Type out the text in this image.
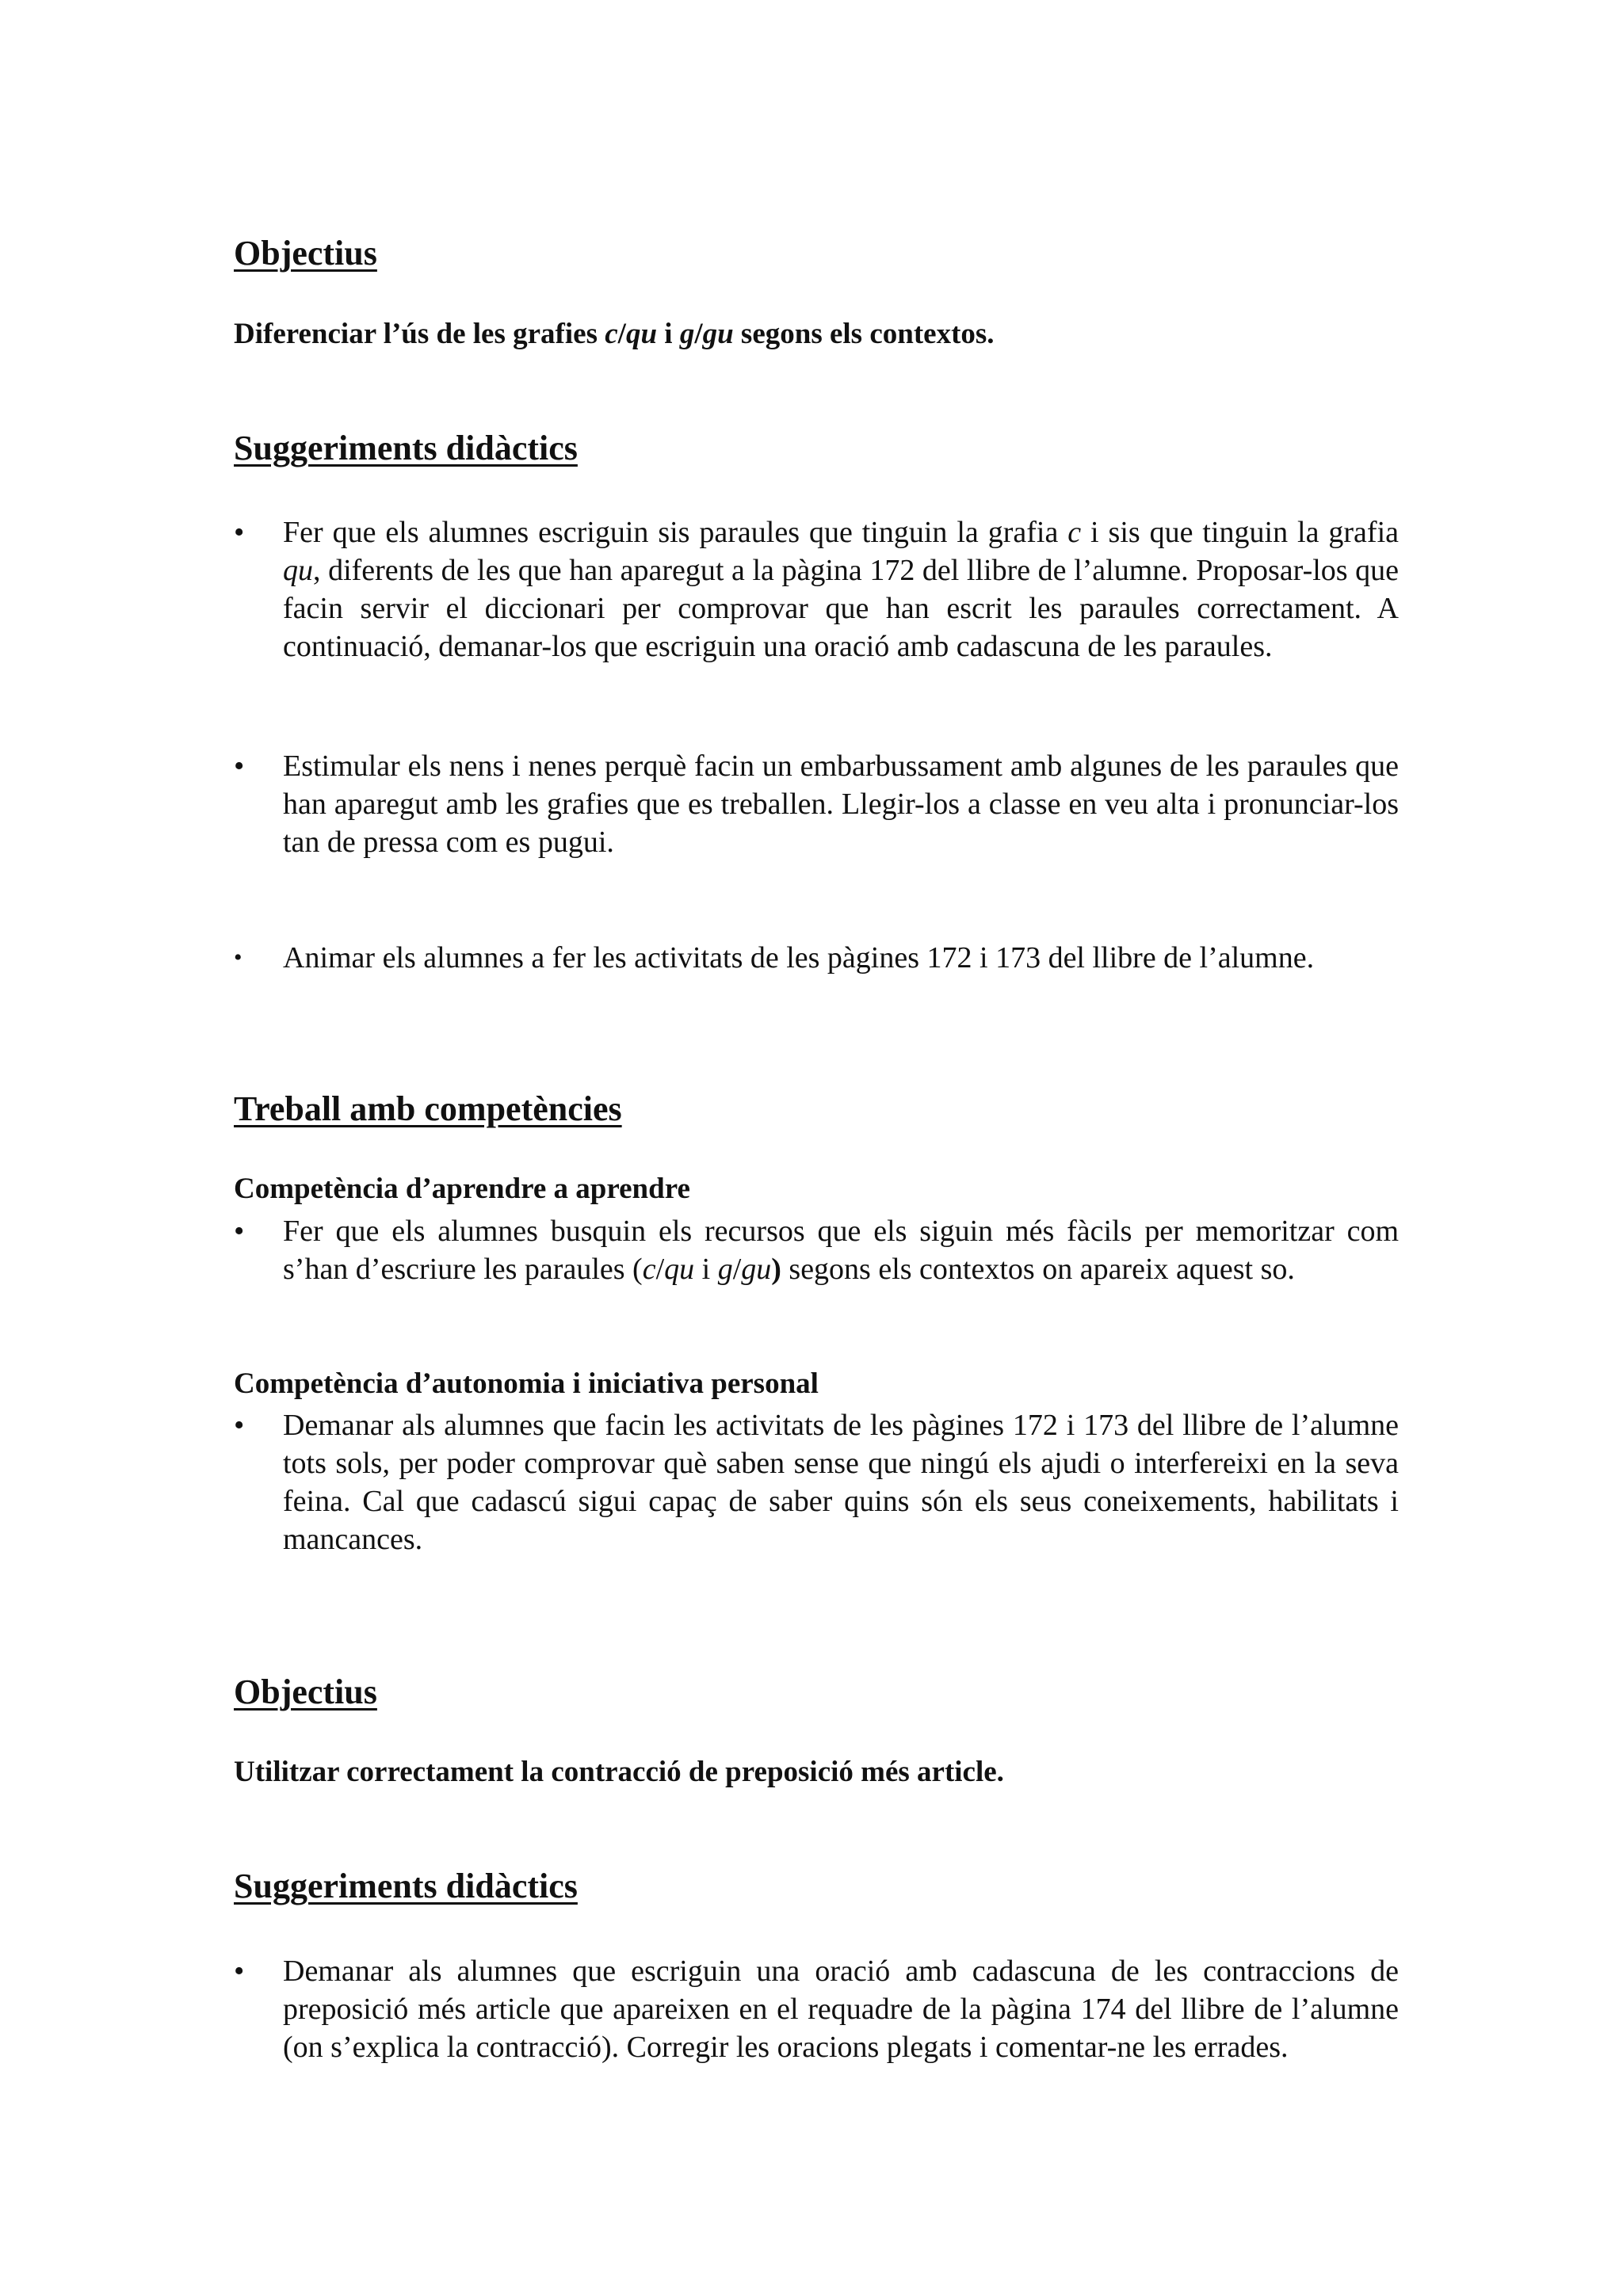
Objectius

Diferenciar l’ús de les grafies c/qu i g/gu segons els contextos.

Suggeriments didàctics
• Fer que els alumnes escriguin sis paraules que tinguin la grafia c i sis que tinguin la grafia qu, diferents de les que han aparegut a la pàgina 172 del llibre de l’alumne. Proposar-los que facin servir el diccionari per comprovar que han escrit les paraules correctament. A continuació, demanar-los que escriguin una oració amb cadascuna de les paraules.
• Estimular els nens i nenes perquè facin un embarbussament amb algunes de les paraules que han aparegut amb les grafies que es treballen. Llegir-los a classe en veu alta i pronunciar-los tan de pressa com es pugui.
• Animar els alumnes a fer les activitats de les pàgines 172 i 173 del llibre de l’alumne.
Treball amb competències

Competència d’aprendre a aprendre

• Fer que els alumnes busquin els recursos que els siguin més fàcils per memoritzar com s’han d’escriure les paraules (c/qu i g/gu) segons els contextos on apareix aquest so.

Competència d’autonomia i iniciativa personal

• Demanar als alumnes que facin les activitats de les pàgines 172 i 173 del llibre de l’alumne tots sols, per poder comprovar què saben sense que ningú els ajudi o interfereixi en la seva feina. Cal que cadascú sigui capaç de saber quins són els seus coneixements, habilitats i mancances.
Objectius

Utilitzar correctament la contracció de preposició més article.

Suggeriments didàctics
• Demanar als alumnes que escriguin una oració amb cadascuna de les contraccions de preposició més article que apareixen en el requadre de la pàgina 174 del llibre de l’alumne (on s’explica la contracció). Corregir les oracions plegats i comentar-ne les errades.
